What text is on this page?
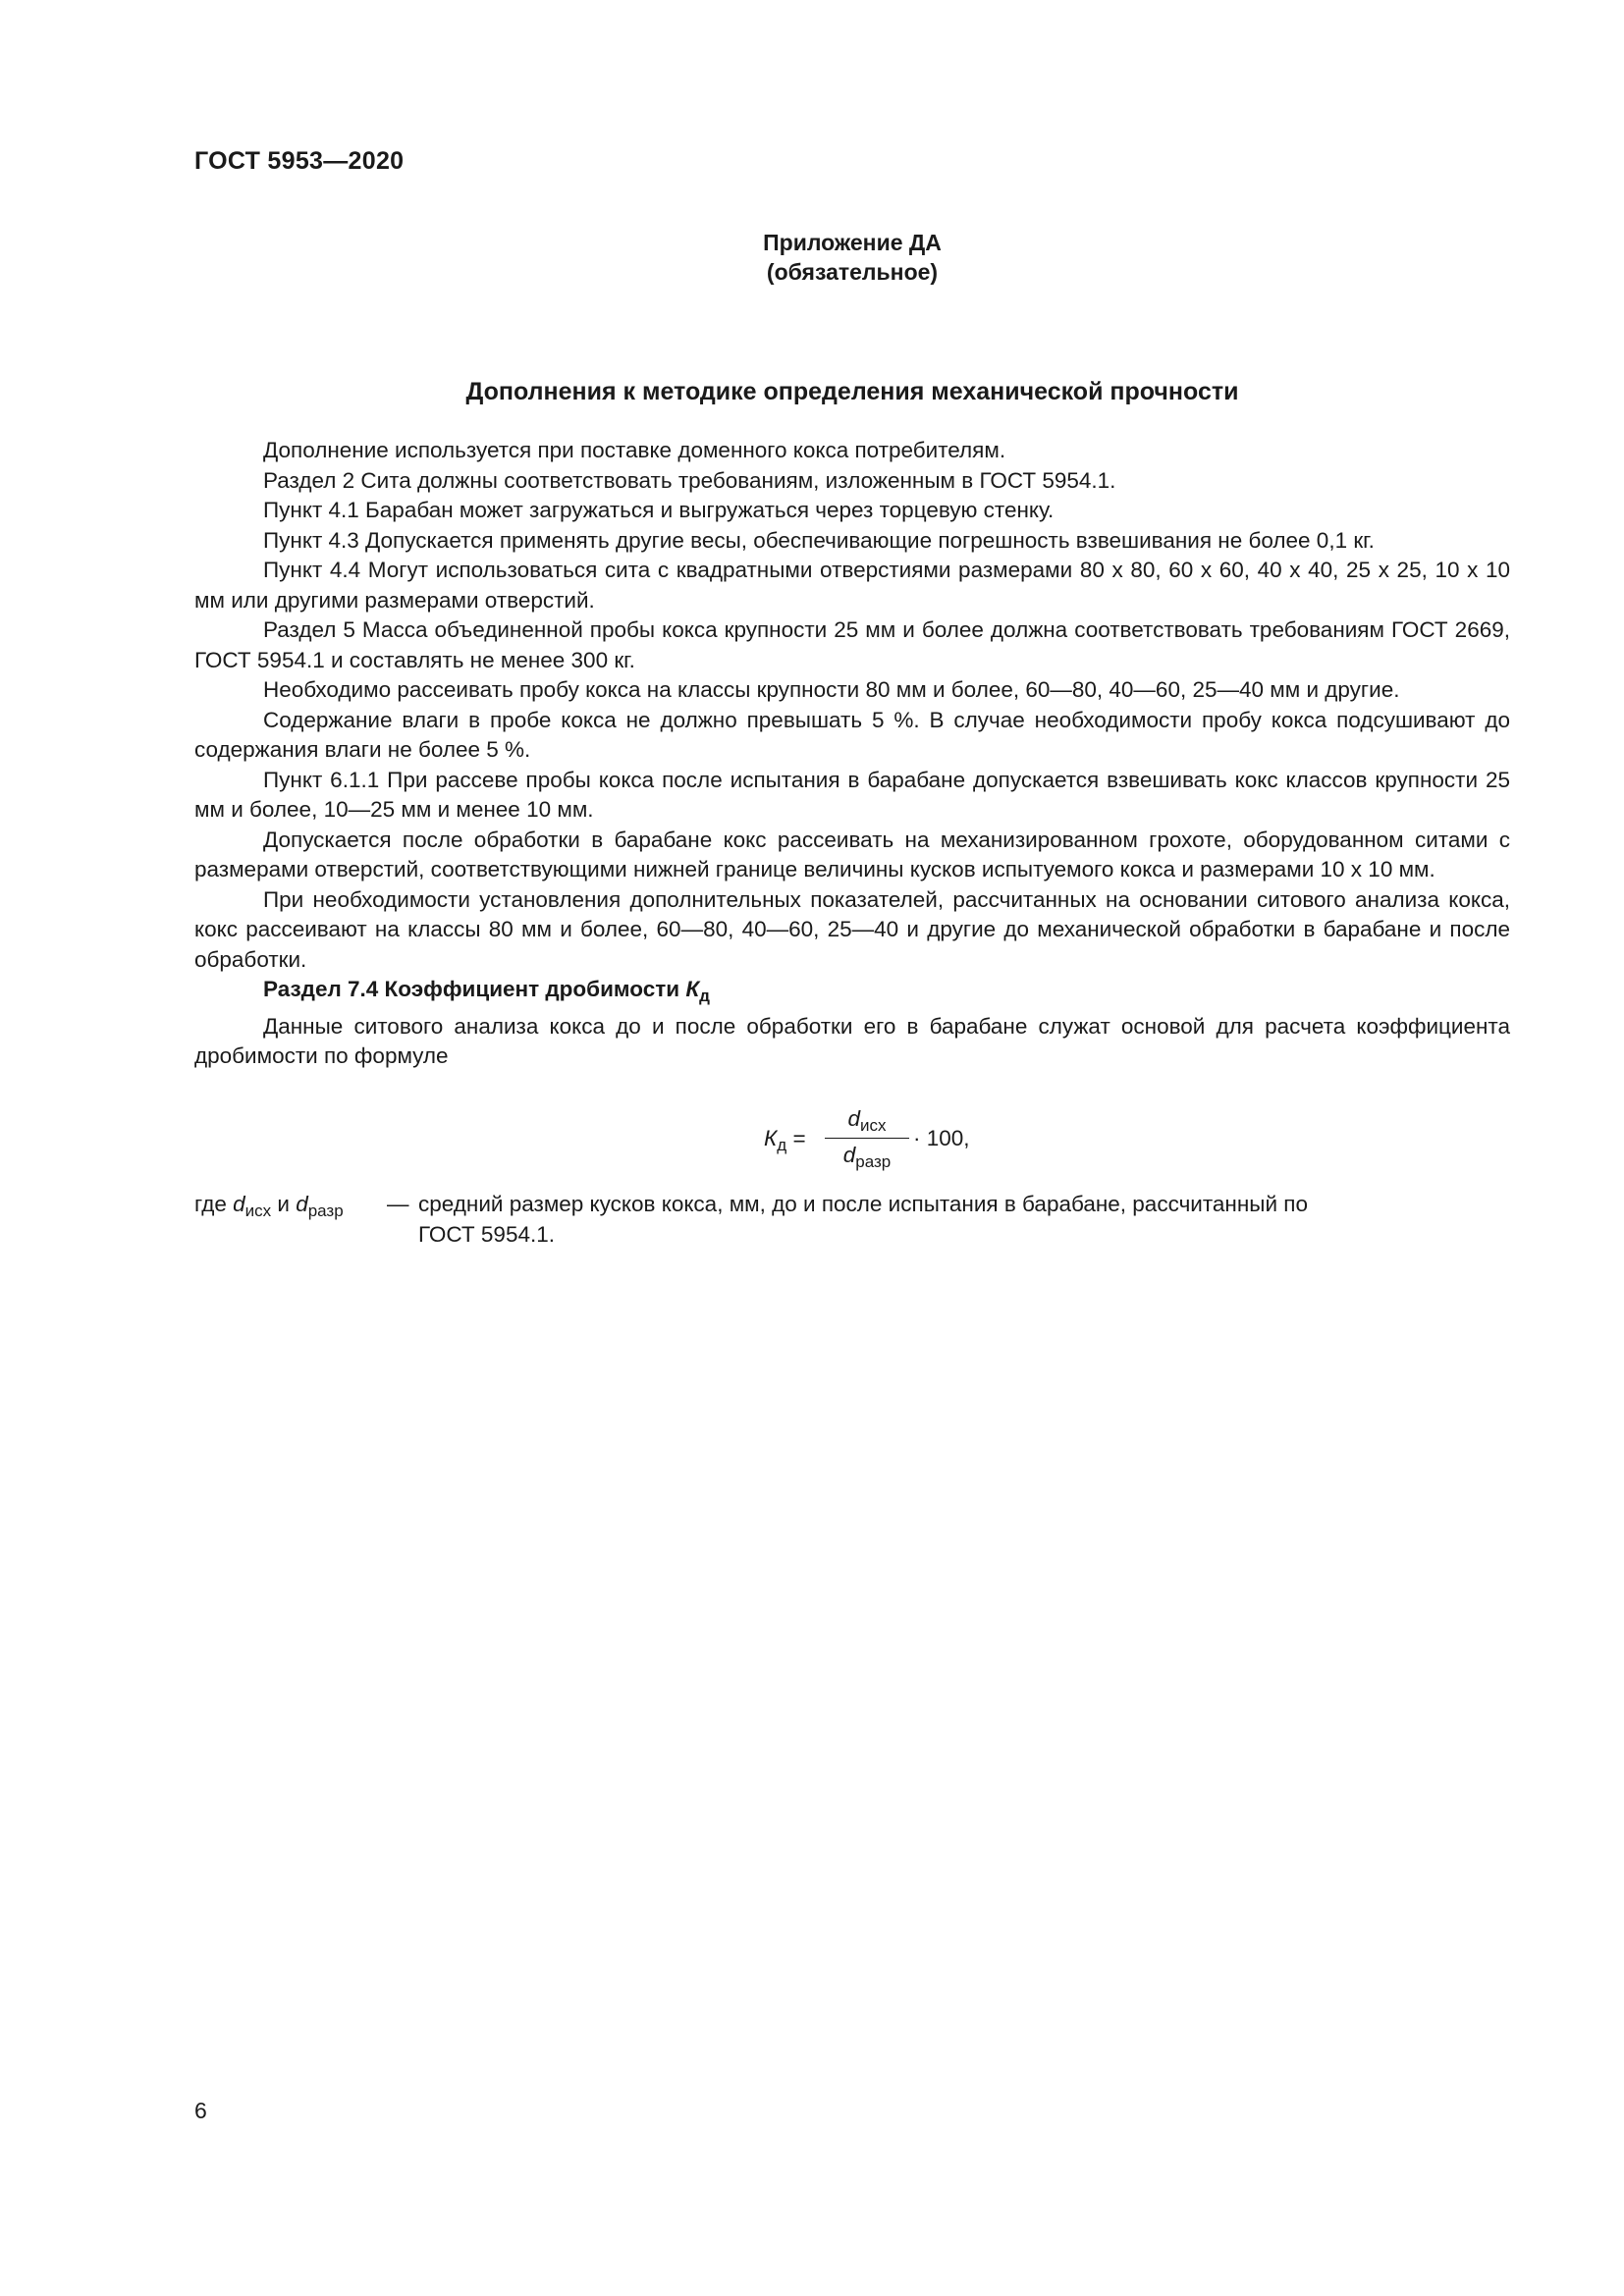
ГОСТ 5953—2020
Приложение ДА
(обязательное)
Дополнения к методике определения механической прочности

Дополнение используется при поставке доменного кокса потребителям.

Раздел 2 Сита должны соответствовать требованиям, изложенным в ГОСТ 5954.1.

Пункт 4.1 Барабан может загружаться и выгружаться через торцевую стенку.

Пункт 4.3 Допускается применять другие весы, обеспечивающие погрешность взвешивания не более 0,1 кг.

Пункт 4.4 Могут использоваться сита с квадратными отверстиями размерами 80 х 80, 60 х 60, 40 х 40, 25 х 25, 10 х 10 мм или другими размерами отверстий.

Раздел 5 Масса объединенной пробы кокса крупности 25 мм и более должна соответствовать требованиям ГОСТ 2669, ГОСТ 5954.1 и составлять не менее 300 кг.

Необходимо рассеивать пробу кокса на классы крупности 80 мм и более, 60—80, 40—60, 25—40 мм и другие.

Содержание влаги в пробе кокса не должно превышать 5 %. В случае необходимости пробу кокса подсушивают до содержания влаги не более 5 %.

Пункт 6.1.1 При рассеве пробы кокса после испытания в барабане допускается взвешивать кокс классов крупности 25 мм и более, 10—25 мм и менее 10 мм.

Допускается после обработки в барабане кокс рассеивать на механизированном грохоте, оборудованном ситами с размерами отверстий, соответствующими нижней границе величины кусков испытуемого кокса и размерами 10 х 10 мм.

При необходимости установления дополнительных показателей, рассчитанных на основании ситового анализа кокса, кокс рассеивают на классы 80 мм и более, 60—80, 40—60, 25—40 и другие до механической обработки в барабане и после обработки.

Раздел 7.4 Коэффициент дробимости $К_д$

Данные ситового анализа кокса до и после обработки его в барабане служат основой для расчета коэффициента дробимости по формуле

$К_д$ =
$d_{исх}$
$d_{разр}$
· 100,
где $d_{исх}$ и $d_{разр}$ — средний размер кусков кокса, мм, до и после испытания в барабане, рассчитанный по
ГОСТ 5954.1.
6
